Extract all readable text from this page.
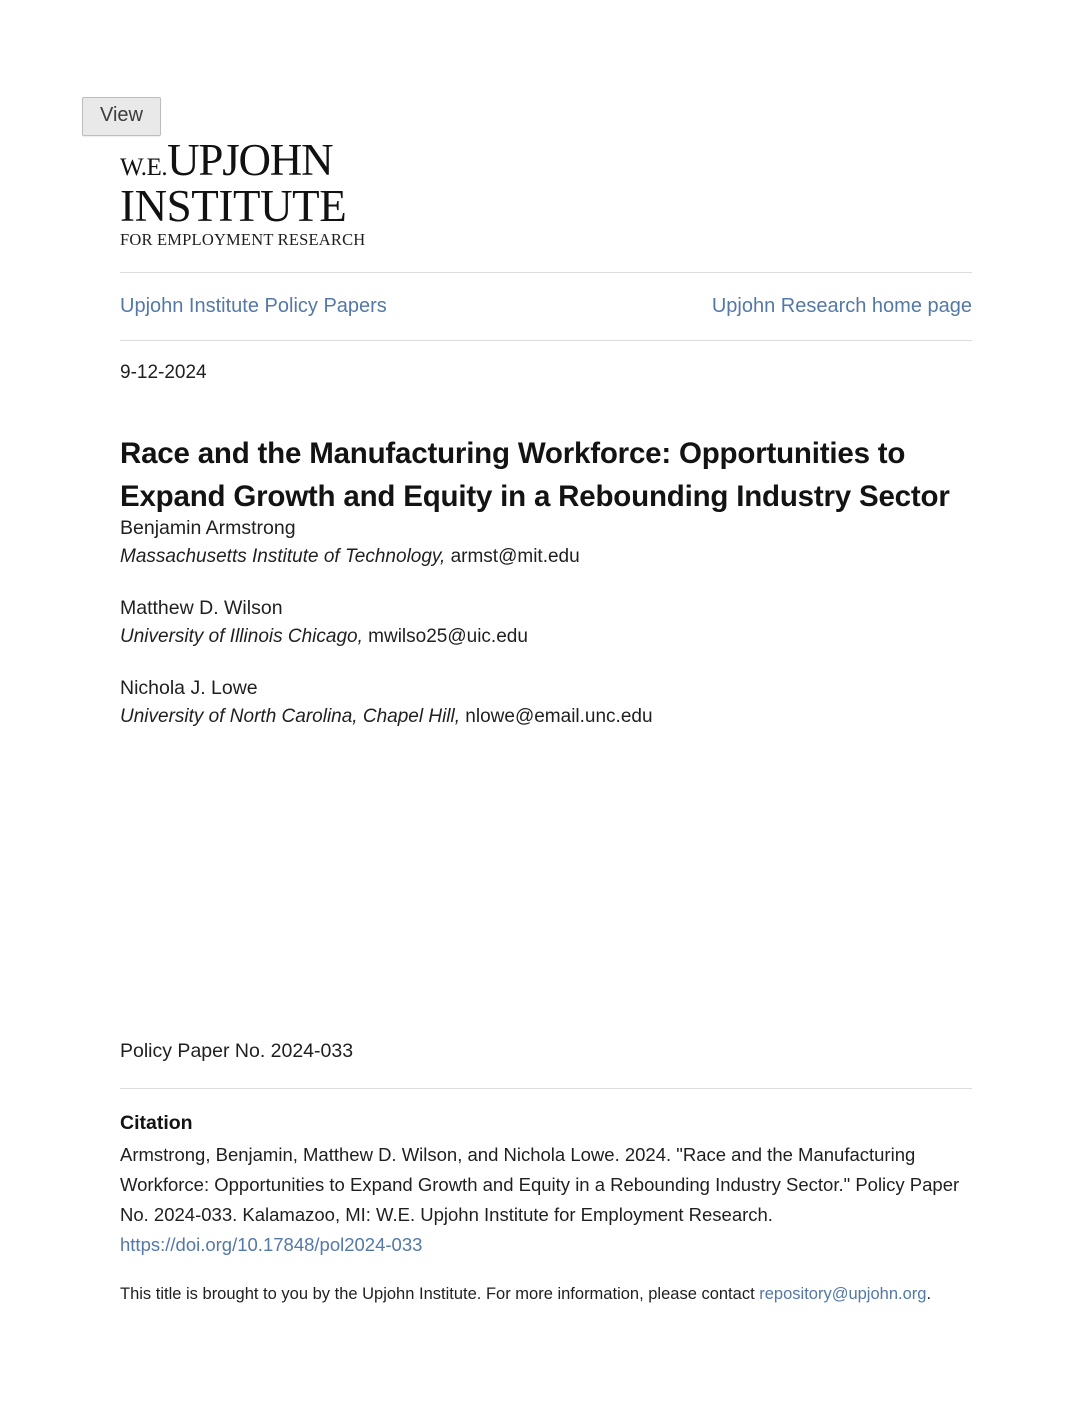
View
W.E. UPJOHN
INSTITUTE
FOR EMPLOYMENT RESEARCH
Upjohn Institute Policy Papers	Upjohn Research home page
9-12-2024
Race and the Manufacturing Workforce: Opportunities to Expand Growth and Equity in a Rebounding Industry Sector
Benjamin Armstrong
Massachusetts Institute of Technology, armst@mit.edu
Matthew D. Wilson
University of Illinois Chicago, mwilso25@uic.edu
Nichola J. Lowe
University of North Carolina, Chapel Hill, nlowe@email.unc.edu
Policy Paper No. 2024-033
Citation
Armstrong, Benjamin, Matthew D. Wilson, and Nichola Lowe. 2024. "Race and the Manufacturing Workforce: Opportunities to Expand Growth and Equity in a Rebounding Industry Sector." Policy Paper No. 2024-033. Kalamazoo, MI: W.E. Upjohn Institute for Employment Research. https://doi.org/10.17848/pol2024-033
This title is brought to you by the Upjohn Institute. For more information, please contact repository@upjohn.org.
